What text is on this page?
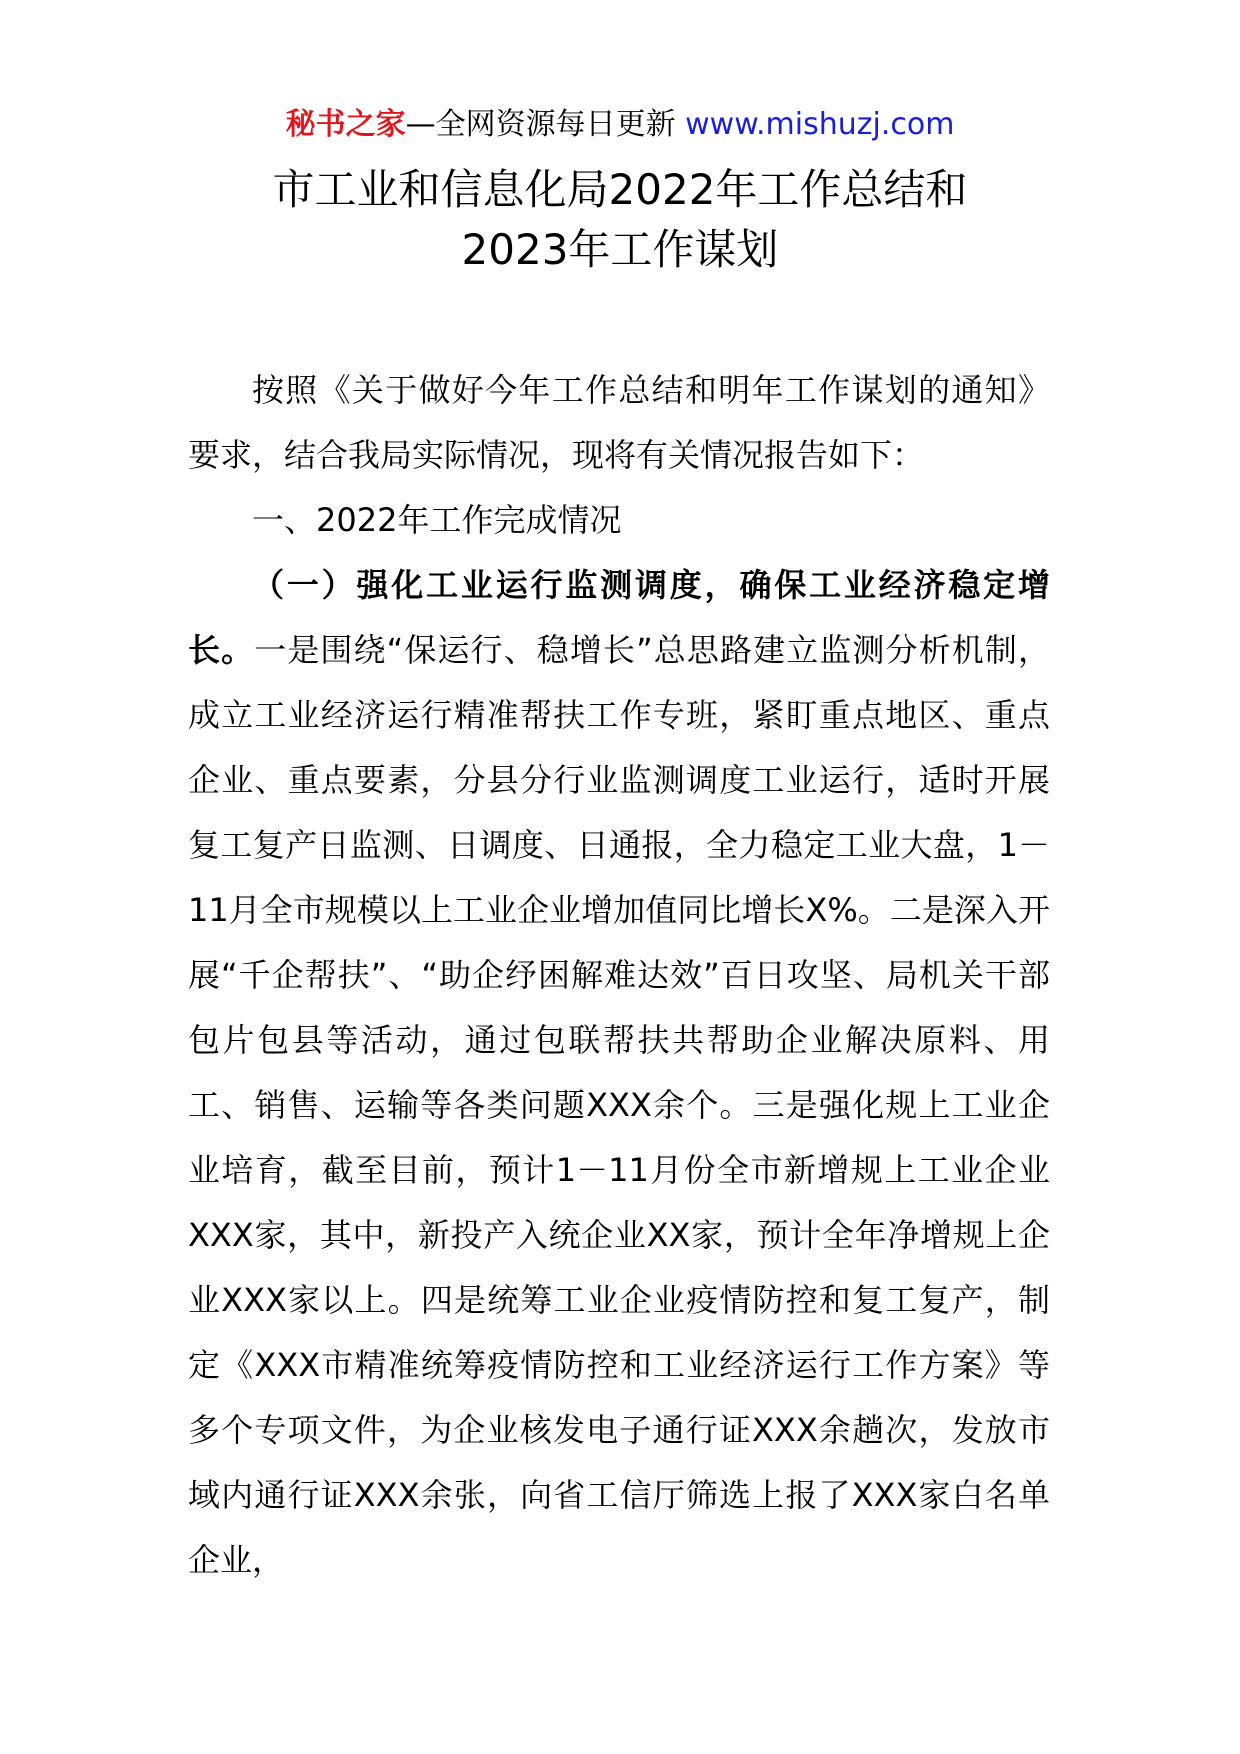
秘书之家—全网资源每日更新 www.mishuzj.com
市工业和信息化局2022年工作总结和
2023年工作谋划

按照《关于做好今年工作总结和明年工作谋划的通知》要求，结合我局实际情况，现将有关情况报告如下：

一、2022年工作完成情况

（一）强化工业运行监测调度，确保工业经济稳定增长。一是围绕“保运行、稳增长”总思路建立监测分析机制，成立工业经济运行精准帮扶工作专班，紧盯重点地区、重点企业、重点要素，分县分行业监测调度工业运行，适时开展复工复产日监测、日调度、日通报，全力稳定工业大盘，1－11月全市规模以上工业企业增加值同比增长X%。二是深入开展“千企帮扶”、“助企纾困解难达效”百日攻坚、局机关干部包片包县等活动，通过包联帮扶共帮助企业解决原料、用工、销售、运输等各类问题XXX余个。三是强化规上工业企业培育，截至目前，预计1－11月份全市新增规上工业企业XXX家，其中，新投产入统企业XX家，预计全年净增规上企业XXX家以上。四是统筹工业企业疫情防控和复工复产，制定《XXX市精准统筹疫情防控和工业经济运行工作方案》等多个专项文件，为企业核发电子通行证XXX余趟次，发放市域内通行证XXX余张，向省工信厅筛选上报了XXX家白名单企业，
